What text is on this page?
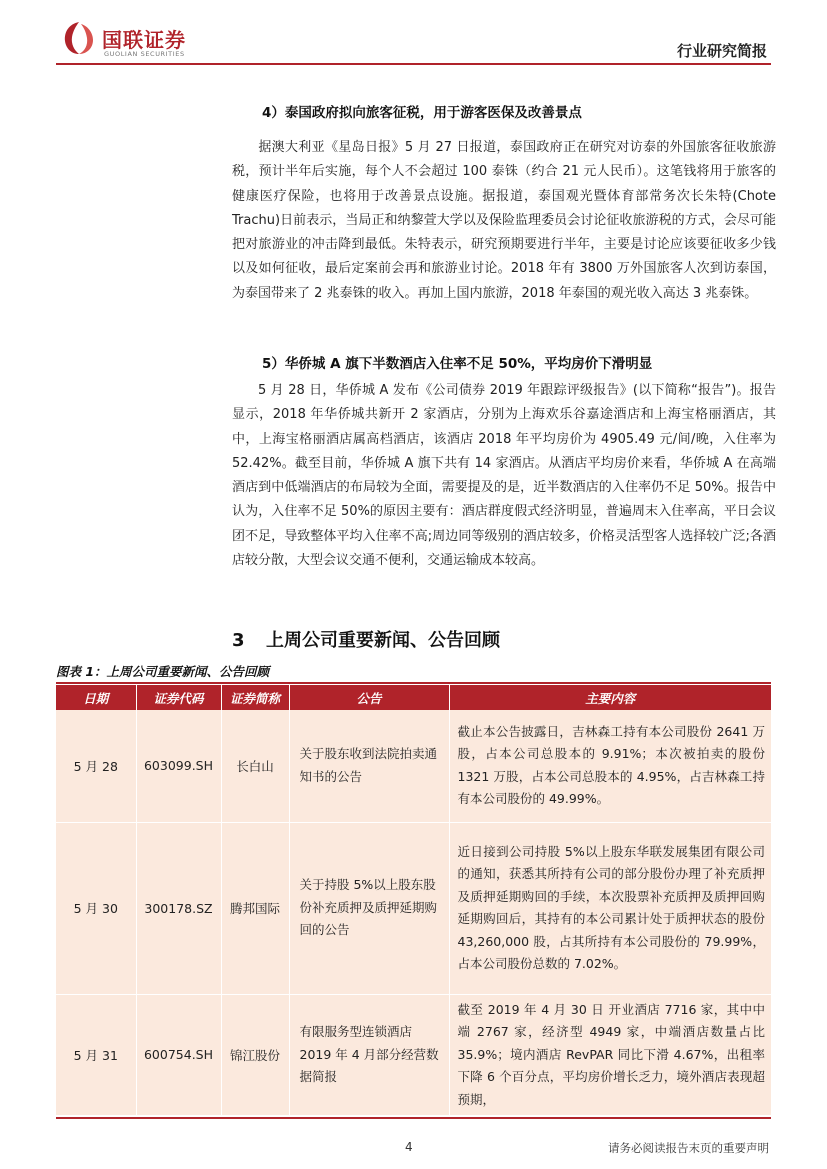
国联证券
GUOLIAN SECURITIES	行业研究简报
4）泰国政府拟向旅客征税，用于游客医保及改善景点
据澳大利亚《星岛日报》5 月 27 日报道，泰国政府正在研究对访泰的外国旅客征收旅游税，预计半年后实施，每个人不会超过 100 泰铢（约合 21 元人民币）。这笔钱将用于旅客的健康医疗保险，也将用于改善景点设施。据报道，泰国观光暨体育部常务次长朱特(Chote Trachu)日前表示，当局正和纳黎萱大学以及保险监理委员会讨论征收旅游税的方式，会尽可能把对旅游业的冲击降到最低。朱特表示，研究预期要进行半年，主要是讨论应该要征收多少钱以及如何征收，最后定案前会再和旅游业讨论。2018 年有 3800 万外国旅客人次到访泰国，为泰国带来了 2 兆泰铢的收入。再加上国内旅游，2018 年泰国的观光收入高达 3 兆泰铢。
5）华侨城 A 旗下半数酒店入住率不足 50%，平均房价下滑明显
5 月 28 日，华侨城 A 发布《公司债券 2019 年跟踪评级报告》(以下简称“报告”)。报告显示，2018 年华侨城共新开 2 家酒店，分别为上海欢乐谷嘉途酒店和上海宝格丽酒店，其中，上海宝格丽酒店属高档酒店，该酒店 2018 年平均房价为 4905.49 元/间/晚，入住率为 52.42%。截至目前，华侨城 A 旗下共有 14 家酒店。从酒店平均房价来看，华侨城 A 在高端酒店到中低端酒店的布局较为全面，需要提及的是，近半数酒店的入住率仍不足 50%。报告中认为，入住率不足 50%的原因主要有：酒店群度假式经济明显，普遍周末入住率高，平日会议团不足，导致整体平均入住率不高;周边同等级别的酒店较多，价格灵活型客人选择较广泛;各酒店较分散，大型会议交通不便利，交通运输成本较高。
3 上周公司重要新闻、公告回顾
图表 1：上周公司重要新闻、公告回顾
日期	证券代码	证券简称	公告	主要内容
5 月 28	603099.SH	长白山	关于股东收到法院拍卖通知书的公告	截止本公告披露日，吉林森工持有本公司股份 2641 万股，占本公司总股本的 9.91%；本次被拍卖的股份 1321 万股，占本公司总股本的 4.95%，占吉林森工持有本公司股份的 49.99%。
5 月 30	300178.SZ	腾邦国际	关于持股 5%以上股东股份补充质押及质押延期购回的公告	近日接到公司持股 5%以上股东华联发展集团有限公司的通知，获悉其所持有公司的部分股份办理了补充质押及质押延期购回的手续，本次股票补充质押及质押回购延期购回后，其持有的本公司累计处于质押状态的股份 43,260,000 股，占其所持有本公司股份的 79.99%，占本公司股份总数的 7.02%。
5 月 31	600754.SH	锦江股份	有限服务型连锁酒店 2019 年 4 月部分经营数据简报	截至 2019 年 4 月 30 日 开业酒店 7716 家，其中中端 2767 家，经济型 4949 家，中端酒店数量占比 35.9%；境内酒店 RevPAR 同比下滑 4.67%，出租率下降 6 个百分点，平均房价增长乏力，境外酒店表现超预期，
4	请务必阅读报告末页的重要声明
